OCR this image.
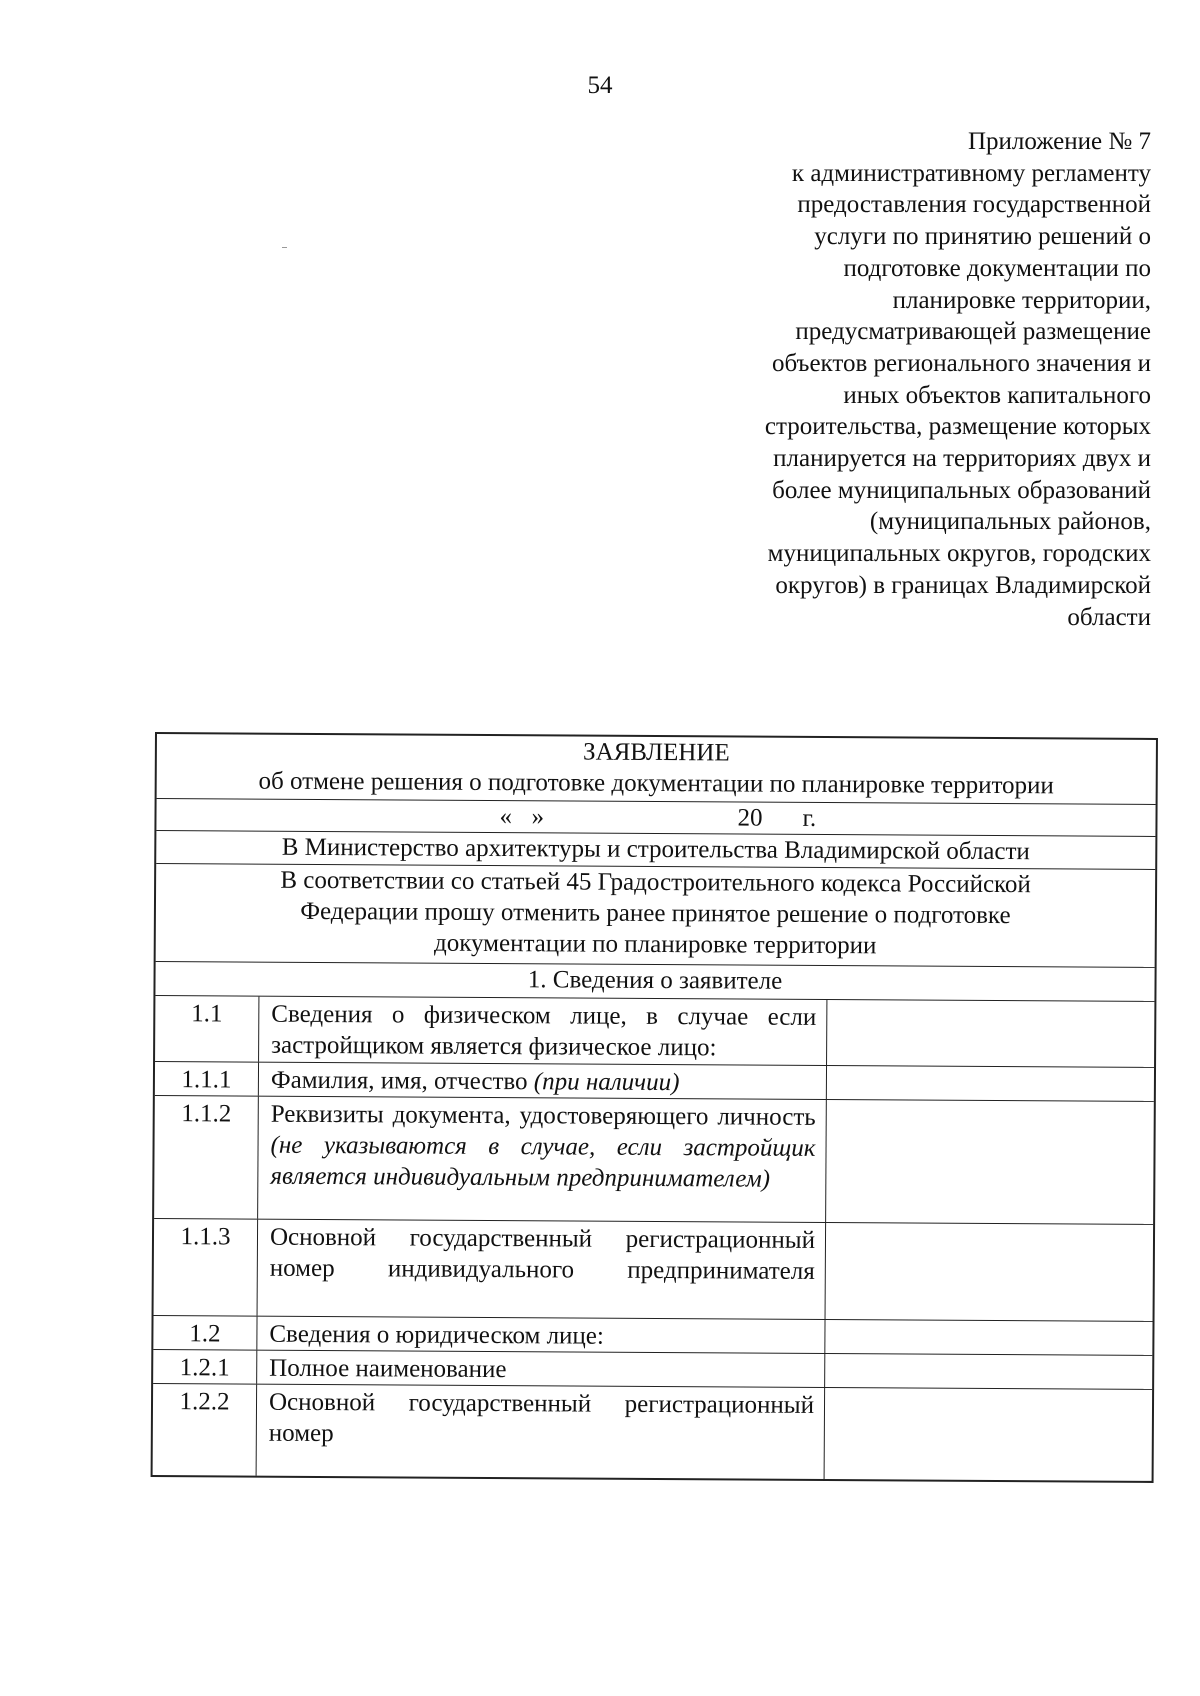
54
Приложение № 7
к административному регламенту
предоставления государственной
услуги по принятию решений о
подготовке документации по
планировке территории,
предусматривающей размещение
объектов регионального значения и
иных объектов капитального
строительства, размещение которых
планируется на территориях двух и
более муниципальных образований
(муниципальных районов,
муниципальных округов, городских
округов) в границах Владимирской
области
ЗАЯВЛЕНИЕ
об отмене решения о подготовке документации по планировке территории
« »	20 г.
В Министерство архитектуры и строительства Владимирской области
В соответствии со статьей 45 Градостроительного кодекса Российской
Федерации прошу отменить ранее принятое решение о подготовке
документации по планировке территории
1. Сведения о заявителе
1.1	Сведения о физическом лице, в случае если застройщиком является физическое лицо:
1.1.1	Фамилия, имя, отчество (при наличии)
1.1.2	Реквизиты документа, удостоверяющего личность (не указываются в случае, если застройщик является индивидуальным предпринимателем)
1.1.3	Основной государственный регистрационный номер индивидуального предпринимателя
1.2	Сведения о юридическом лице:
1.2.1	Полное наименование
1.2.2	Основной государственный регистрационный номер
